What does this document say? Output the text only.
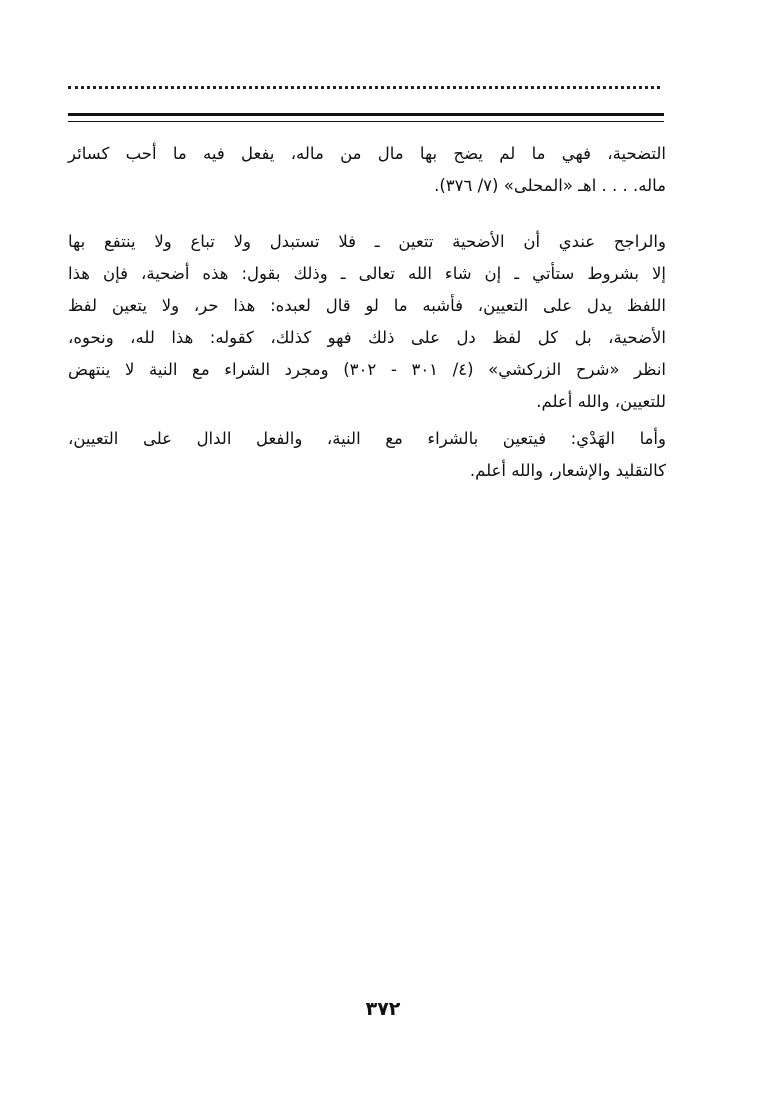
التضحية، فهي ما لم يضح بها مال من ماله، يفعل فيه ما أحب كسائر
ماله. . . . اهـ «المحلى» (٧/ ٣٧٦).
والراجح عندي أن الأضحية تتعين ـ فلا تستبدل ولا تباع ولا ينتفع بها
إلا بشروط ستأتي ـ إن شاء الله تعالى ـ وذلك بقول: هذه أضحية، فإن هذا
اللفظ يدل على التعيين، فأشبه ما لو قال لعبده: هذا حر، ولا يتعين لفظ
الأضحية، بل كل لفظ دل على ذلك فهو كذلك، كقوله: هذا لله، ونحوه،
انظر «شرح الزركشي» (٤/ ٣٠١ - ٣٠٢) ومجرد الشراء مع النية لا ينتهض
للتعيين، والله أعلم.
وأما الهَدْي: فيتعين بالشراء مع النية، والفعل الدال على التعيين،
كالتقليد والإشعار، والله أعلم.
٣٧٢
